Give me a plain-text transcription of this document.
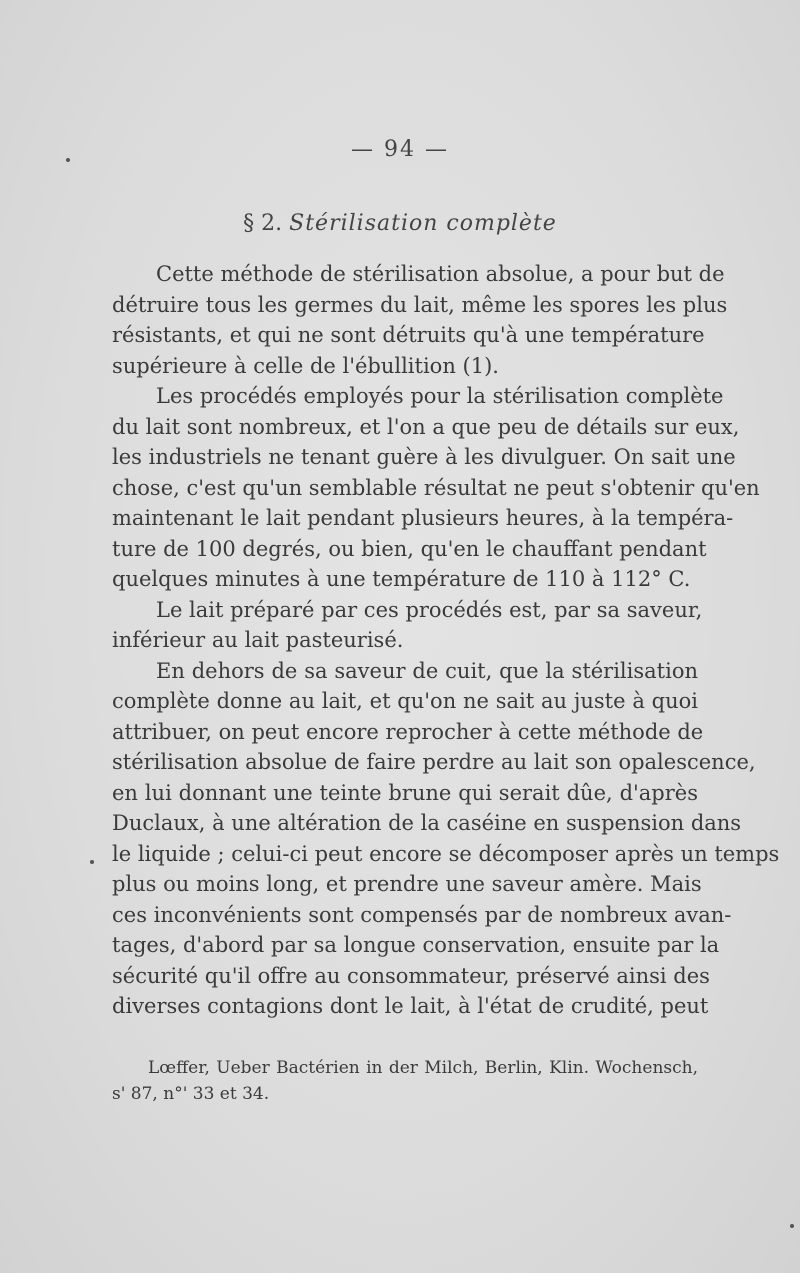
— 94 —
§ 2. Stérilisation complète
Cette méthode de stérilisation absolue, a pour but de
détruire tous les germes du lait, même les spores les plus
résistants, et qui ne sont détruits qu'à une température
supérieure à celle de l'ébullition (1).
Les procédés employés pour la stérilisation complète
du lait sont nombreux, et l'on a que peu de détails sur eux,
les industriels ne tenant guère à les divulguer. On sait une
chose, c'est qu'un semblable résultat ne peut s'obtenir qu'en
maintenant le lait pendant plusieurs heures, à la tempéra-
ture de 100 degrés, ou bien, qu'en le chauffant pendant
quelques minutes à une température de 110 à 112° C.
Le lait préparé par ces procédés est, par sa saveur,
inférieur au lait pasteurisé.
En dehors de sa saveur de cuit, que la stérilisation
complète donne au lait, et qu'on ne sait au juste à quoi
attribuer, on peut encore reprocher à cette méthode de
stérilisation absolue de faire perdre au lait son opalescence,
en lui donnant une teinte brune qui serait dûe, d'après
Duclaux, à une altération de la caséine en suspension dans
le liquide ; celui-ci peut encore se décomposer après un temps
plus ou moins long, et prendre une saveur amère. Mais
ces inconvénients sont compensés par de nombreux avan-
tages, d'abord par sa longue conservation, ensuite par la
sécurité qu'il offre au consommateur, préservé ainsi des
diverses contagions dont le lait, à l'état de crudité, peut
Lœffer, Ueber Bactérien in der Milch, Berlin, Klin. Wochensch,
s' 87, n°' 33 et 34.
